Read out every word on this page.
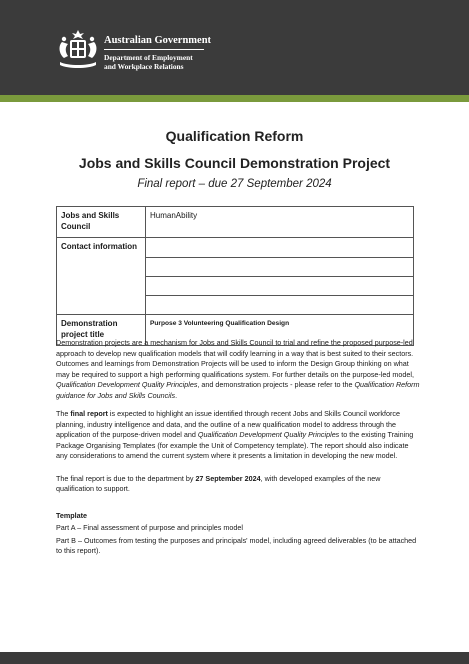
Australian Government
Department of Employment
and Workplace Relations
Qualification Reform
Jobs and Skills Council Demonstration Project
Final report – due 27 September 2024
Jobs and Skills Council	HumanAbility
Contact information	

Demonstration project title	Purpose 3 Volunteering Qualification Design

Demonstration projects are a mechanism for Jobs and Skills Council to trial and refine the proposed purpose-led approach to develop new qualification models that will codify learning in a way that is best suited to their sectors. Outcomes and learnings from Demonstration Projects will be used to inform the Design Group thinking on what may be required to support a high performing qualifications system. For further details on the purpose-led model, Qualification Development Quality Principles, and demonstration projects - please refer to the Qualification Reform guidance for Jobs and Skills Councils.

The final report is expected to highlight an issue identified through recent Jobs and Skills Council workforce planning, industry intelligence and data, and the outline of a new qualification model to address through the application of the purpose-driven model and Qualification Development Quality Principles to the existing Training Package Organising Templates (for example the Unit of Competency template). The report should also indicate any considerations to amend the current system where it presents a limitation in developing the new model.

The final report is due to the department by 27 September 2024, with developed examples of the new qualification to support.

Template
Part A – Final assessment of purpose and principles model
Part B – Outcomes from testing the purposes and principals' model, including agreed deliverables (to be attached to this report).
